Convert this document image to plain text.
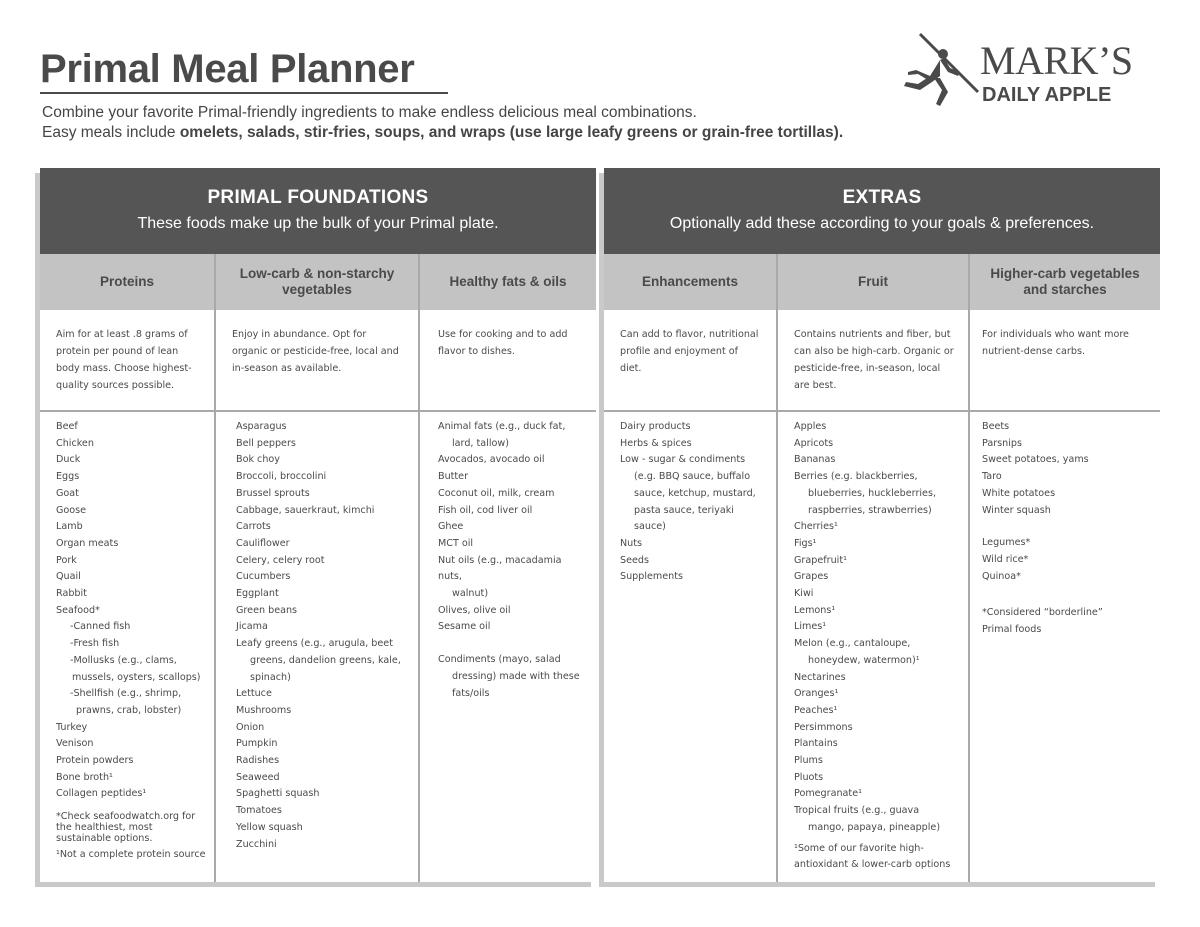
Primal Meal Planner
Combine your favorite Primal-friendly ingredients to make endless delicious meal combinations.
Easy meals include omelets, salads, stir-fries, soups, and wraps (use large leafy greens or grain-free tortillas).
MARK’S
DAILY APPLE
PRIMAL FOUNDATIONS
These foods make up the bulk of your Primal plate.
Proteins
Aim for at least .8 grams of protein per pound of lean body mass. Choose highest-quality sources possible.
Beef
Chicken
Duck
Eggs
Goat
Goose
Lamb
Organ meats
Pork
Quail
Rabbit
Seafood*
-Canned fish
-Fresh fish
-Mollusks (e.g., clams,
mussels, oysters, scallops)
-Shellfish (e.g., shrimp,
prawns, crab, lobster)
Turkey
Venison
Protein powders
Bone broth¹
Collagen peptides¹
*Check seafoodwatch.org for the healthiest, most sustainable options.
¹Not a complete protein source
Low-carb & non-starchy vegetables
Enjoy in abundance. Opt for organic or pesticide-free, local and in-season as available.
Asparagus
Bell peppers
Bok choy
Broccoli, broccolini
Brussel sprouts
Cabbage, sauerkraut, kimchi
Carrots
Cauliflower
Celery, celery root
Cucumbers
Eggplant
Green beans
Jicama
Leafy greens (e.g., arugula, beet
greens, dandelion greens, kale,
spinach)
Lettuce
Mushrooms
Onion
Pumpkin
Radishes
Seaweed
Spaghetti squash
Tomatoes
Yellow squash
Zucchini
Healthy fats & oils
Use for cooking and to add flavor to dishes.
Animal fats (e.g., duck fat,
lard, tallow)
Avocados, avocado oil
Butter
Coconut oil, milk, cream
Fish oil, cod liver oil
Ghee
MCT oil
Nut oils (e.g., macadamia nuts,
walnut)
Olives, olive oil
Sesame oil
Condiments (mayo, salad
dressing) made with these
fats/oils
EXTRAS
Optionally add these according to your goals & preferences.
Enhancements
Can add to flavor, nutritional profile and enjoyment of diet.
Dairy products
Herbs & spices
Low - sugar & condiments
(e.g. BBQ sauce, buffalo
sauce, ketchup, mustard,
pasta sauce, teriyaki sauce)
Nuts
Seeds
Supplements
Fruit
Contains nutrients and fiber, but can also be high-carb. Organic or pesticide-free, in-season, local are best.
Apples
Apricots
Bananas
Berries (e.g. blackberries,
blueberries, huckleberries,
raspberries, strawberries)
Cherries¹
Figs¹
Grapefruit¹
Grapes
Kiwi
Lemons¹
Limes¹
Melon (e.g., cantaloupe,
honeydew, watermon)¹
Nectarines
Oranges¹
Peaches¹
Persimmons
Plantains
Plums
Pluots
Pomegranate¹
Tropical fruits (e.g., guava
mango, papaya, pineapple)
¹Some of our favorite high-antioxidant & lower-carb options
Higher-carb vegetables and starches
For individuals who want more nutrient-dense carbs.
Beets
Parsnips
Sweet potatoes, yams
Taro
White potatoes
Winter squash
Legumes*
Wild rice*
Quinoa*
*Considered “borderline” Primal foods
